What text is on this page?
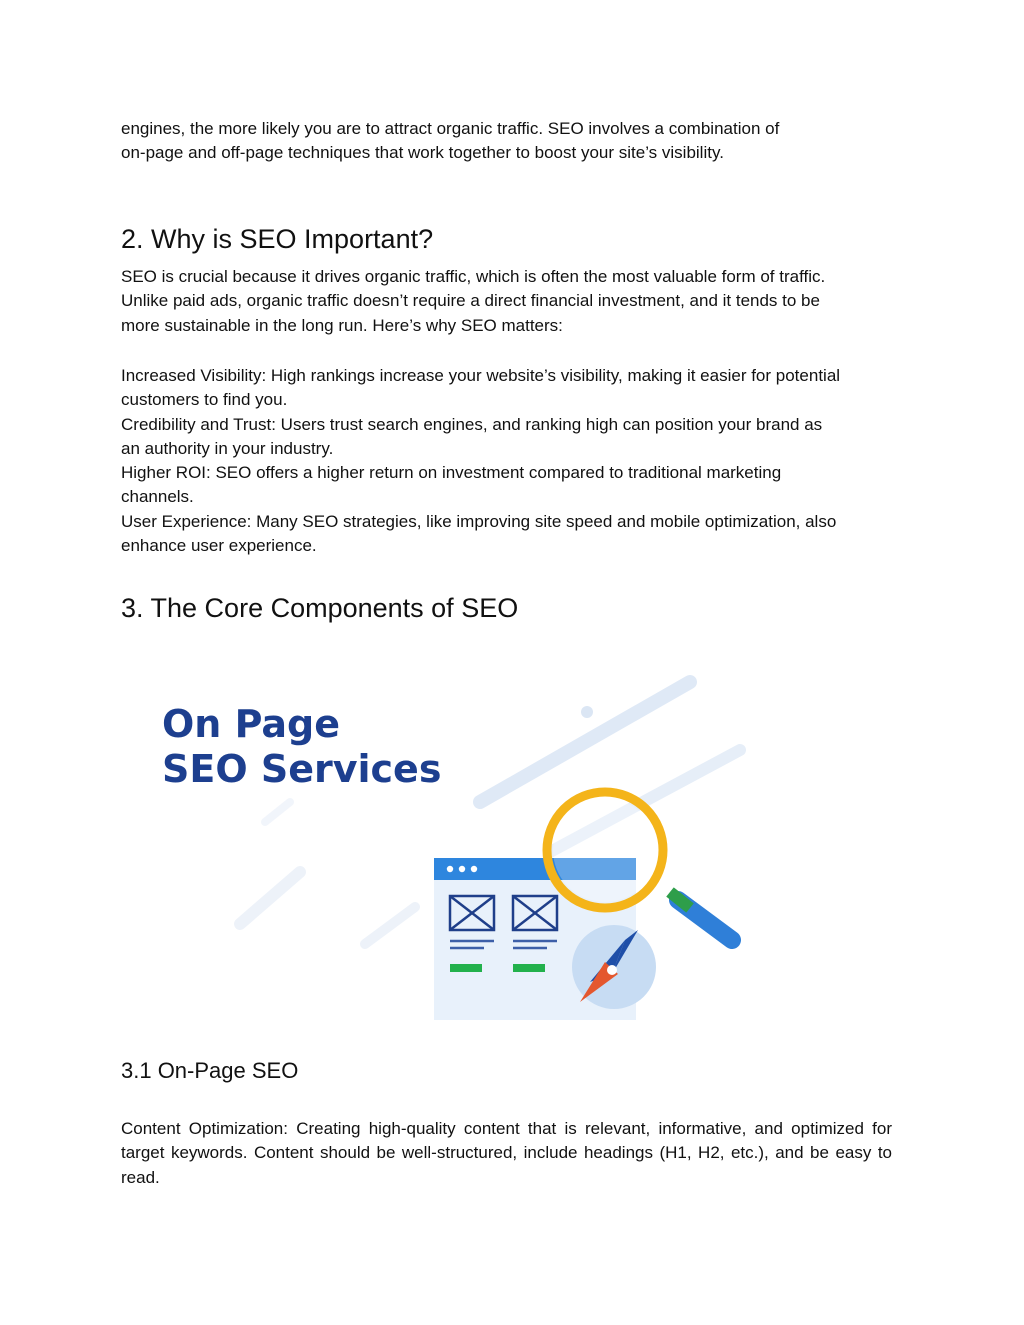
engines, the more likely you are to attract organic traffic. SEO involves a combination of
on-page and off-page techniques that work together to boost your site’s visibility.

2. Why is SEO Important?

SEO is crucial because it drives organic traffic, which is often the most valuable form of traffic.
Unlike paid ads, organic traffic doesn’t require a direct financial investment, and it tends to be
more sustainable in the long run. Here’s why SEO matters:

Increased Visibility: High rankings increase your website’s visibility, making it easier for potential
customers to find you.
Credibility and Trust: Users trust search engines, and ranking high can position your brand as
an authority in your industry.
Higher ROI: SEO offers a higher return on investment compared to traditional marketing
channels.
User Experience: Many SEO strategies, like improving site speed and mobile optimization, also
enhance user experience.
3. The Core Components of SEO
On Page
SEO Services
3.1 On-Page SEO

Content Optimization: Creating high-quality content that is relevant, informative, and optimized for target keywords. Content should be well-structured, include headings (H1, H2, etc.), and be easy to read.
